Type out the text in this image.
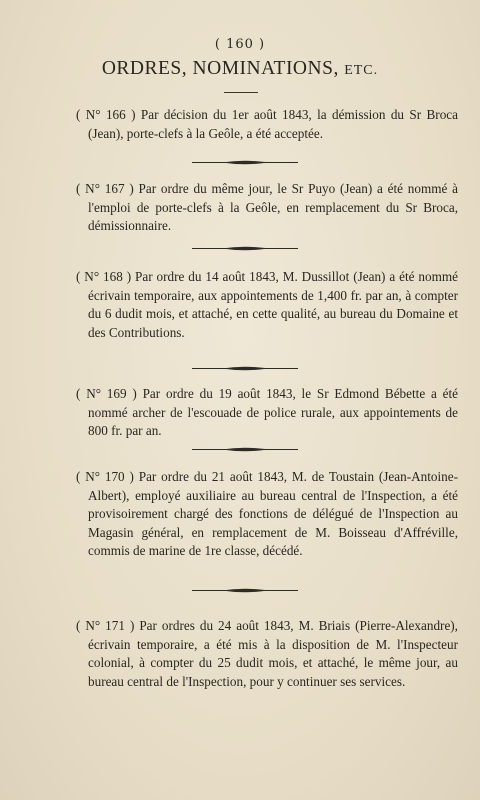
( 160 )
ORDRES, NOMINATIONS, ETC.

( N° 166 ) Par décision du 1er août 1843, la démission du Sr Broca (Jean), porte-clefs à la Geôle, a été acceptée.

( N° 167 ) Par ordre du même jour, le Sr Puyo (Jean) a été nommé à l'emploi de porte-clefs à la Geôle, en remplacement du Sr Broca, démissionnaire.

( N° 168 ) Par ordre du 14 août 1843, M. Dussillot (Jean) a été nommé écrivain temporaire, aux appointements de 1,400 fr. par an, à compter du 6 dudit mois, et attaché, en cette qualité, au bureau du Domaine et des Contributions.

( N° 169 ) Par ordre du 19 août 1843, le Sr Edmond Bébette a été nommé archer de l'escouade de police rurale, aux appointements de 800 fr. par an.

( N° 170 ) Par ordre du 21 août 1843, M. de Toustain (Jean-Antoine-Albert), employé auxiliaire au bureau central de l'Inspection, a été provisoirement chargé des fonctions de délégué de l'Inspection au Magasin général, en remplacement de M. Boisseau d'Affréville, commis de marine de 1re classe, décédé.

( N° 171 ) Par ordres du 24 août 1843, M. Briais (Pierre-Alexandre), écrivain temporaire, a été mis à la disposition de M. l'Inspecteur colonial, à compter du 25 dudit mois, et attaché, le même jour, au bureau central de l'Inspection, pour y continuer ses services.
